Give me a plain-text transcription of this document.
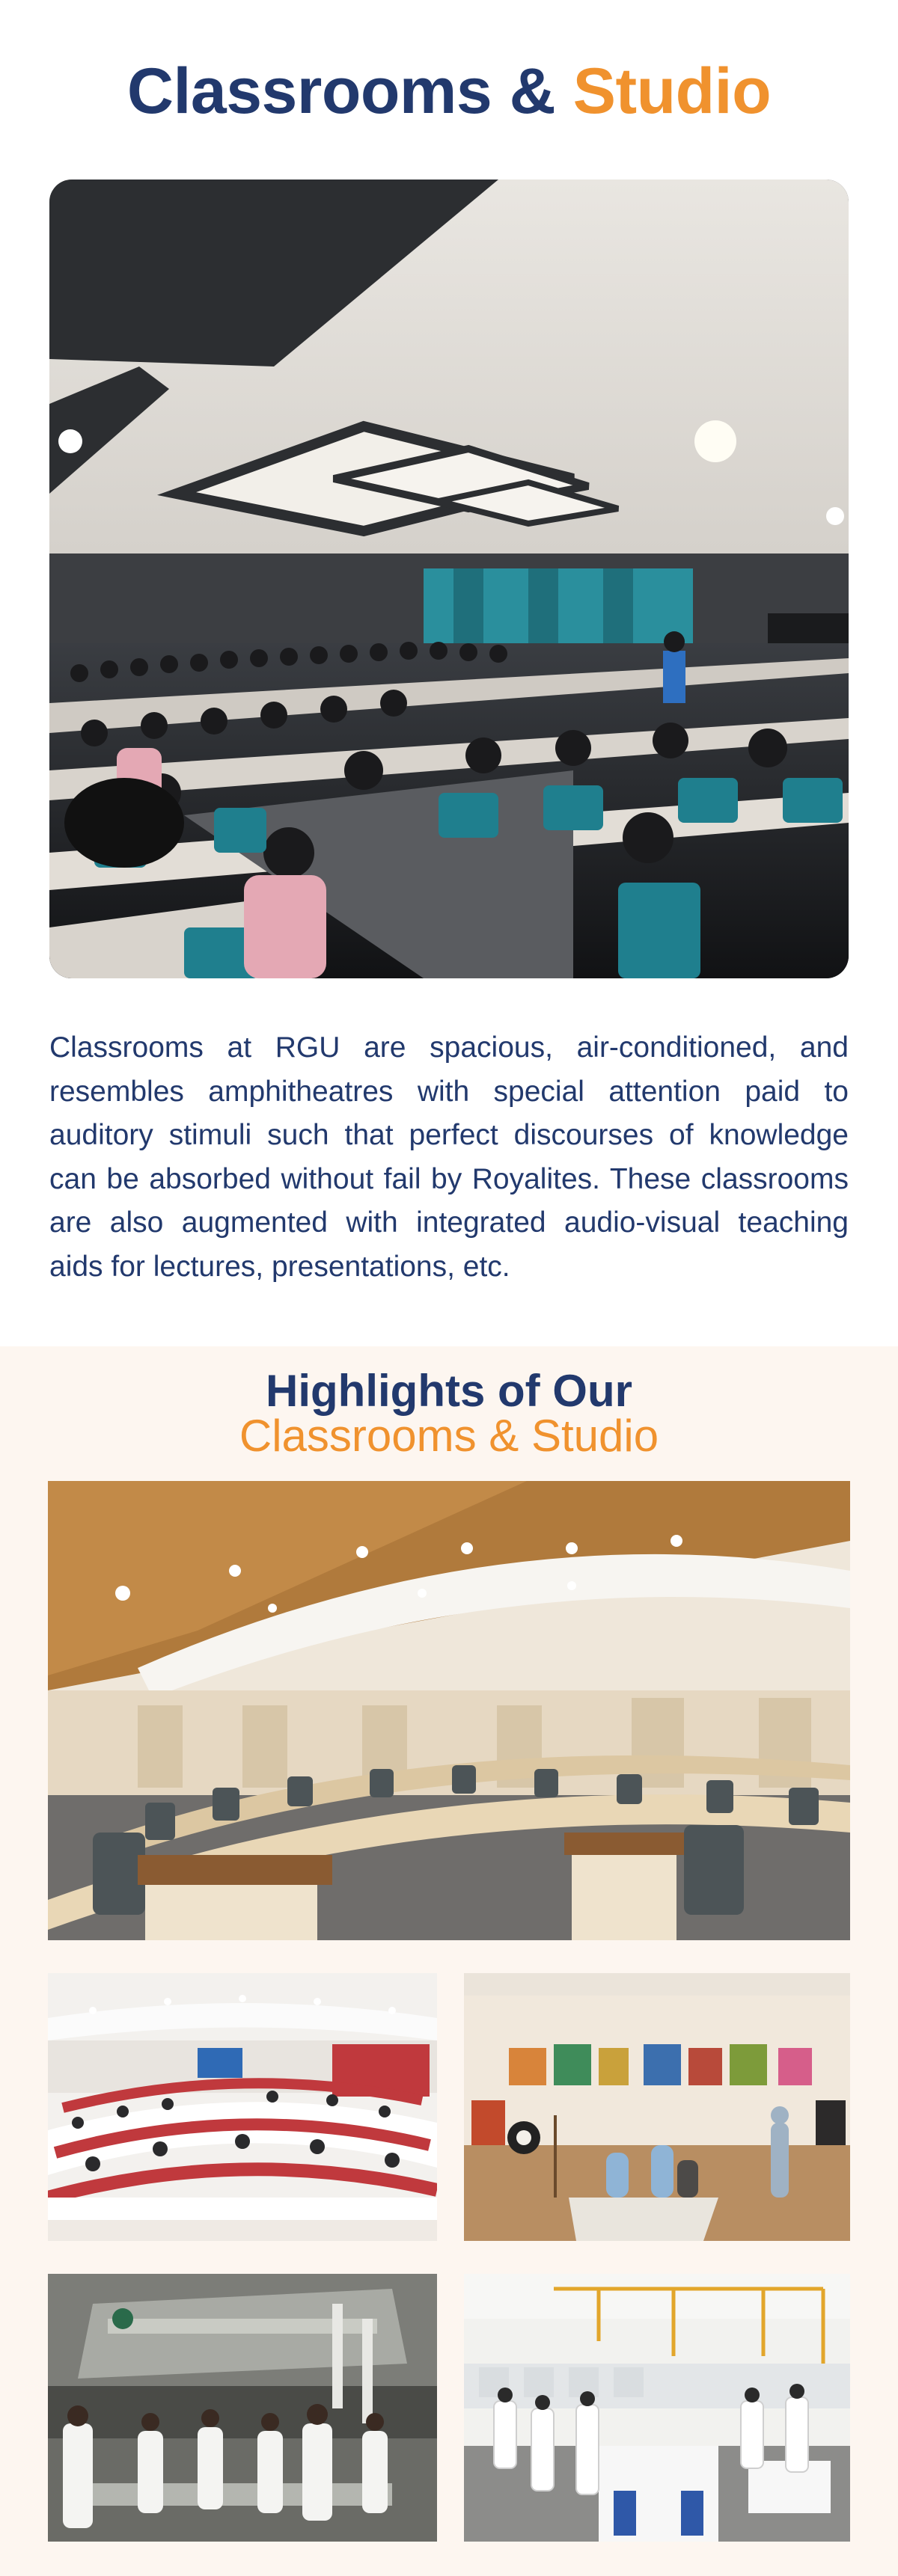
Classrooms & Studio

Classrooms at RGU are spacious, air-conditioned, and resembles amphitheatres with special attention paid to auditory stimuli such that perfect discourses of knowledge can be absorbed without fail by Royalites. These classrooms are also augmented with integrated audio-visual teaching aids for lectures, presentations, etc.

Highlights of Our
Classrooms & Studio
